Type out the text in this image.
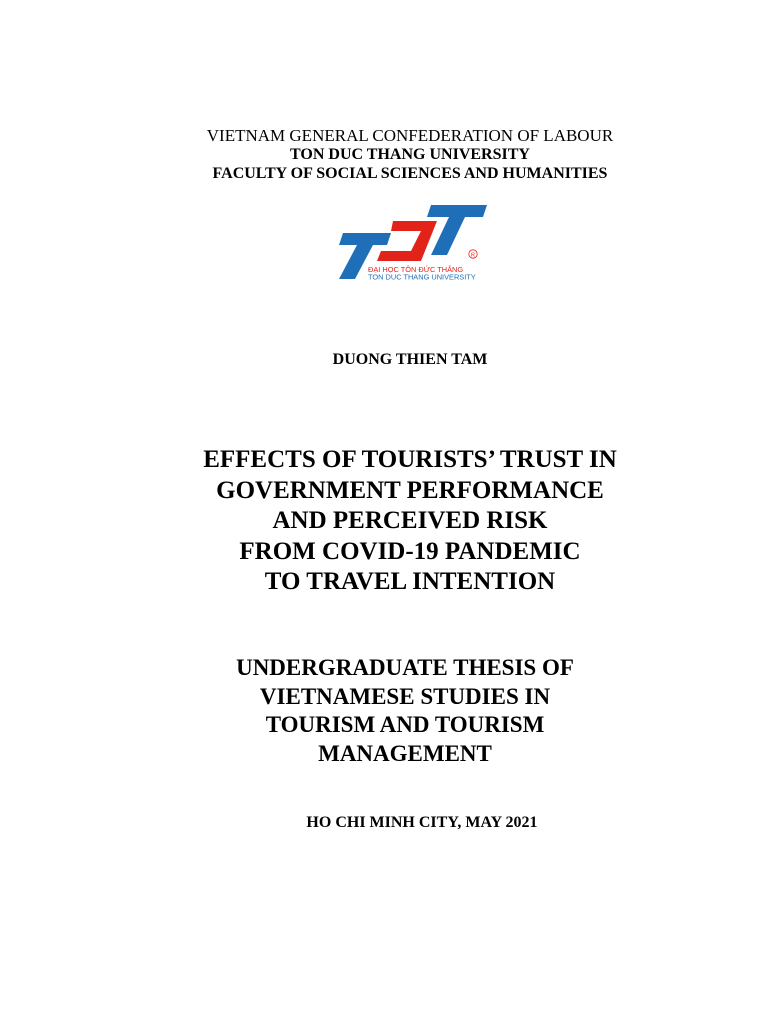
VIETNAM GENERAL CONFEDERATION OF LABOUR
TON DUC THANG UNIVERSITY
FACULTY OF SOCIAL SCIENCES AND HUMANITIES
R
ĐẠI HỌC TÔN ĐỨC THẮNG
TON DUC THANG UNIVERSITY
DUONG THIEN TAM
EFFECTS OF TOURISTS’ TRUST IN
GOVERNMENT PERFORMANCE
AND PERCEIVED RISK
FROM COVID-19 PANDEMIC
TO TRAVEL INTENTION
UNDERGRADUATE THESIS OF
VIETNAMESE STUDIES IN
TOURISM AND TOURISM
MANAGEMENT
HO CHI MINH CITY, MAY 2021
